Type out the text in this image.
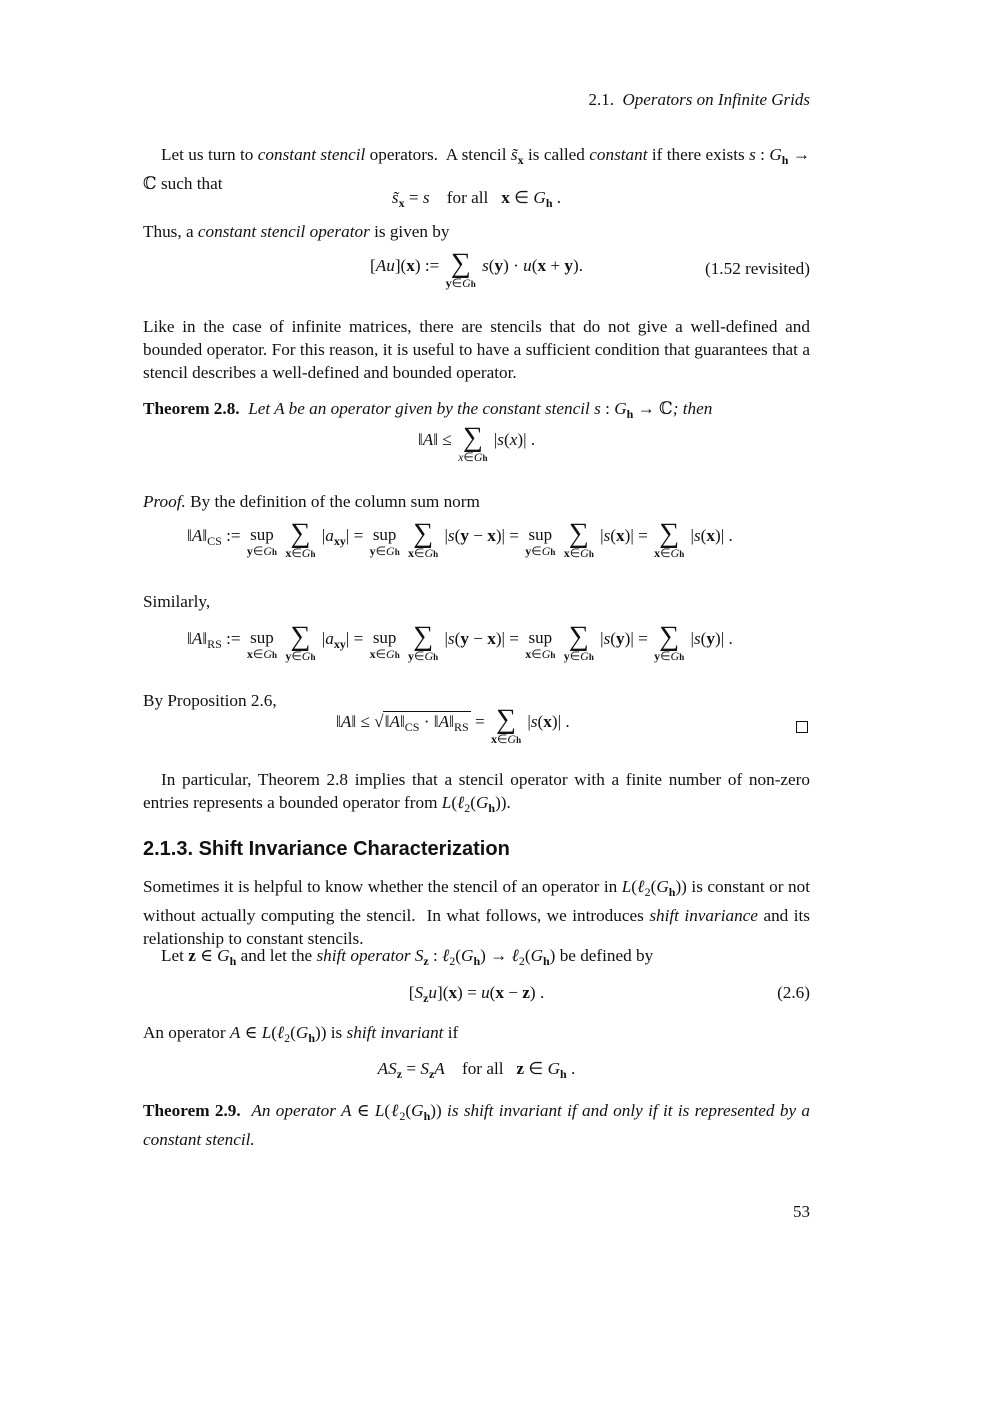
2.1. Operators on Infinite Grids
Let us turn to constant stencil operators.  A stencil $s̃_x$ is called constant if there exists s : $G_h$ → ℂ such that
$s̃_x = s$ for all x ∈ $G_h$ .
Thus, a constant stencil operator is given by
[Au](x) := ∑
y∈Gh
s(y) · u(x + y).	(1.52 revisited)
Like in the case of infinite matrices, there are stencils that do not give a well-defined and bounded operator. For this reason, it is useful to have a sufficient condition that guarantees that a stencil describes a well-defined and bounded operator.
Theorem 2.8. Let A be an operator given by the constant stencil s : $G_h$ → ℂ; then
‖A‖ ≤ ∑
x∈Gh
|s(x)| .
Proof. By the definition of the column sum norm
$‖A‖_{CS}$ := sup
y∈Gh

∑
x∈Gh
$|a_{xy}|$ = sup
y∈Gh

∑
x∈Gh
|s(y − x)| = sup
y∈Gh

∑
x∈Gh
|s(x)| = ∑
x∈Gh
|s(x)| .
Similarly,
$‖A‖_{RS}$ := sup
x∈Gh

∑
y∈Gh
$|a_{xy}|$ = sup
x∈Gh

∑
y∈Gh
|s(y − x)| = sup
x∈Gh

∑
y∈Gh
|s(y)| = ∑
y∈Gh
|s(y)| .
By Proposition 2.6,
‖A‖ ≤ $√‖A‖_{CS}$ · $‖A‖_{RS}$ = ∑
x∈Gh
|s(x)| .
In particular, Theorem 2.8 implies that a stencil operator with a finite number of non-zero entries represents a bounded operator from $L(\ell_2(G_h))$.
2.1.3. Shift Invariance Characterization
Sometimes it is helpful to know whether the stencil of an operator in $L(\ell_2(G_h))$ is constant or not without actually computing the stencil.  In what follows, we introduces shift invariance and its relationship to constant stencils.
Let z ∈ $G_h$ and let the shift operator $S_z$ : $\ell_2(G_h)$ → $\ell_2(G_h)$ be defined by
$[S_zu](x) = u(x - z)$ .	(2.6)
An operator A ∈ $L(\ell_2(G_h))$ is shift invariant if
$AS_z = S_zA$ for all z ∈ $G_h$ .
Theorem 2.9. An operator A ∈ $L(\ell_2(G_h))$ is shift invariant if and only if it is represented by a constant stencil.
53
